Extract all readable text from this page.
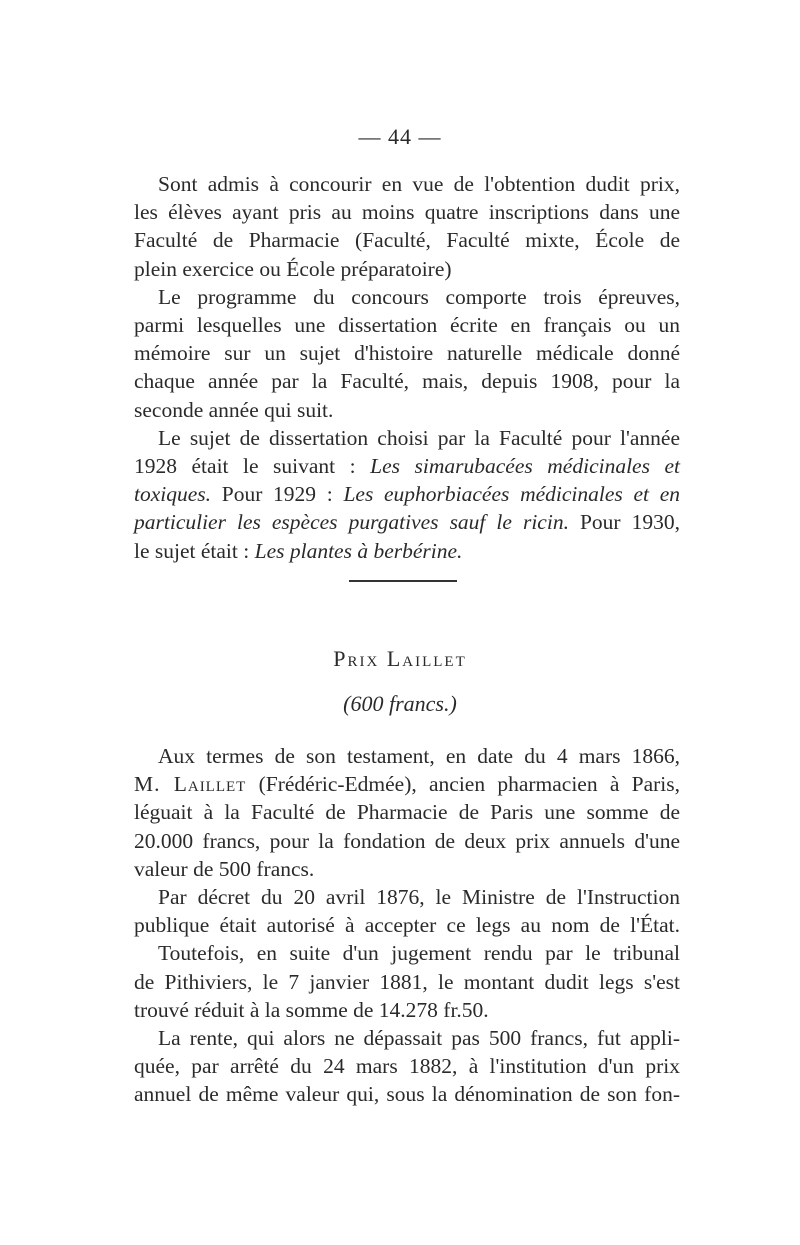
— 44 —
Sont admis à concourir en vue de l'obtention dudit prix,
les élèves ayant pris au moins quatre inscriptions dans une
Faculté de Pharmacie (Faculté, Faculté mixte, École de
plein exercice ou École préparatoire)
Le programme du concours comporte trois épreuves,
parmi lesquelles une dissertation écrite en français ou un
mémoire sur un sujet d'histoire naturelle médicale donné
chaque année par la Faculté, mais, depuis 1908, pour la
seconde année qui suit.
Le sujet de dissertation choisi par la Faculté pour l'année
1928 était le suivant : Les simarubacées médicinales et
toxiques. Pour 1929 : Les euphorbiacées médicinales et en
particulier les espèces purgatives sauf le ricin. Pour 1930,
le sujet était : Les plantes à berbérine.
Prix Laillet
(600 francs.)
Aux termes de son testament, en date du 4 mars 1866,
M. Laillet (Frédéric-Edmée), ancien pharmacien à Paris,
léguait à la Faculté de Pharmacie de Paris une somme de
20.000 francs, pour la fondation de deux prix annuels d'une
valeur de 500 francs.
Par décret du 20 avril 1876, le Ministre de l'Instruction
publique était autorisé à accepter ce legs au nom de l'État.
Toutefois, en suite d'un jugement rendu par le tribunal
de Pithiviers, le 7 janvier 1881, le montant dudit legs s'est
trouvé réduit à la somme de 14.278 fr.50.
La rente, qui alors ne dépassait pas 500 francs, fut appli-
quée, par arrêté du 24 mars 1882, à l'institution d'un prix
annuel de même valeur qui, sous la dénomination de son fon-
